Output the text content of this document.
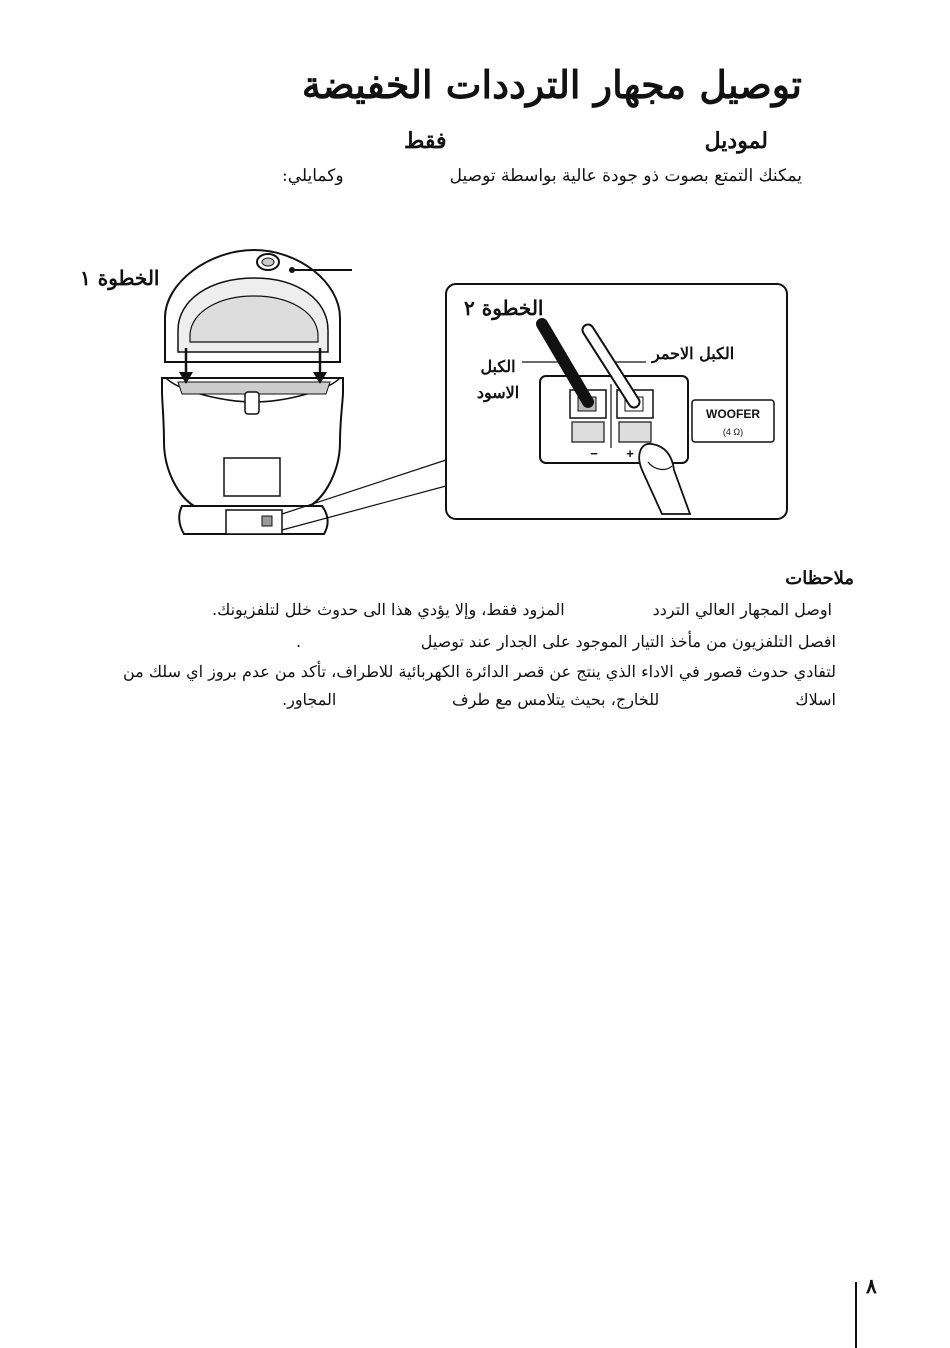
توصيل مجهار الترددات الخفيضة
لموديل
فقط
يمكنك التمتع بصوت ذو جودة عالية بواسطة توصيل
وكمايلي:
WOOFER
(4 Ω)
− +
الخطوة ١
الخطوة ٢
الكبل الاحمر
الكبل
الاسود
ملاحظات
اوصل المجهار العالي التردد
المزود فقط، وإلا يؤدي هذا الى حدوث خلل لتلفزيونك.
افصل التلفزيون من مأخذ التيار الموجود على الجدار عند توصيل
.
لتفادي حدوث قصور في الاداء الذي ينتج عن قصر الدائرة الكهربائية للاطراف، تأكد من عدم بروز اي سلك من
اسلاك
للخارج، بحيث يتلامس مع طرف
المجاور.
٨
